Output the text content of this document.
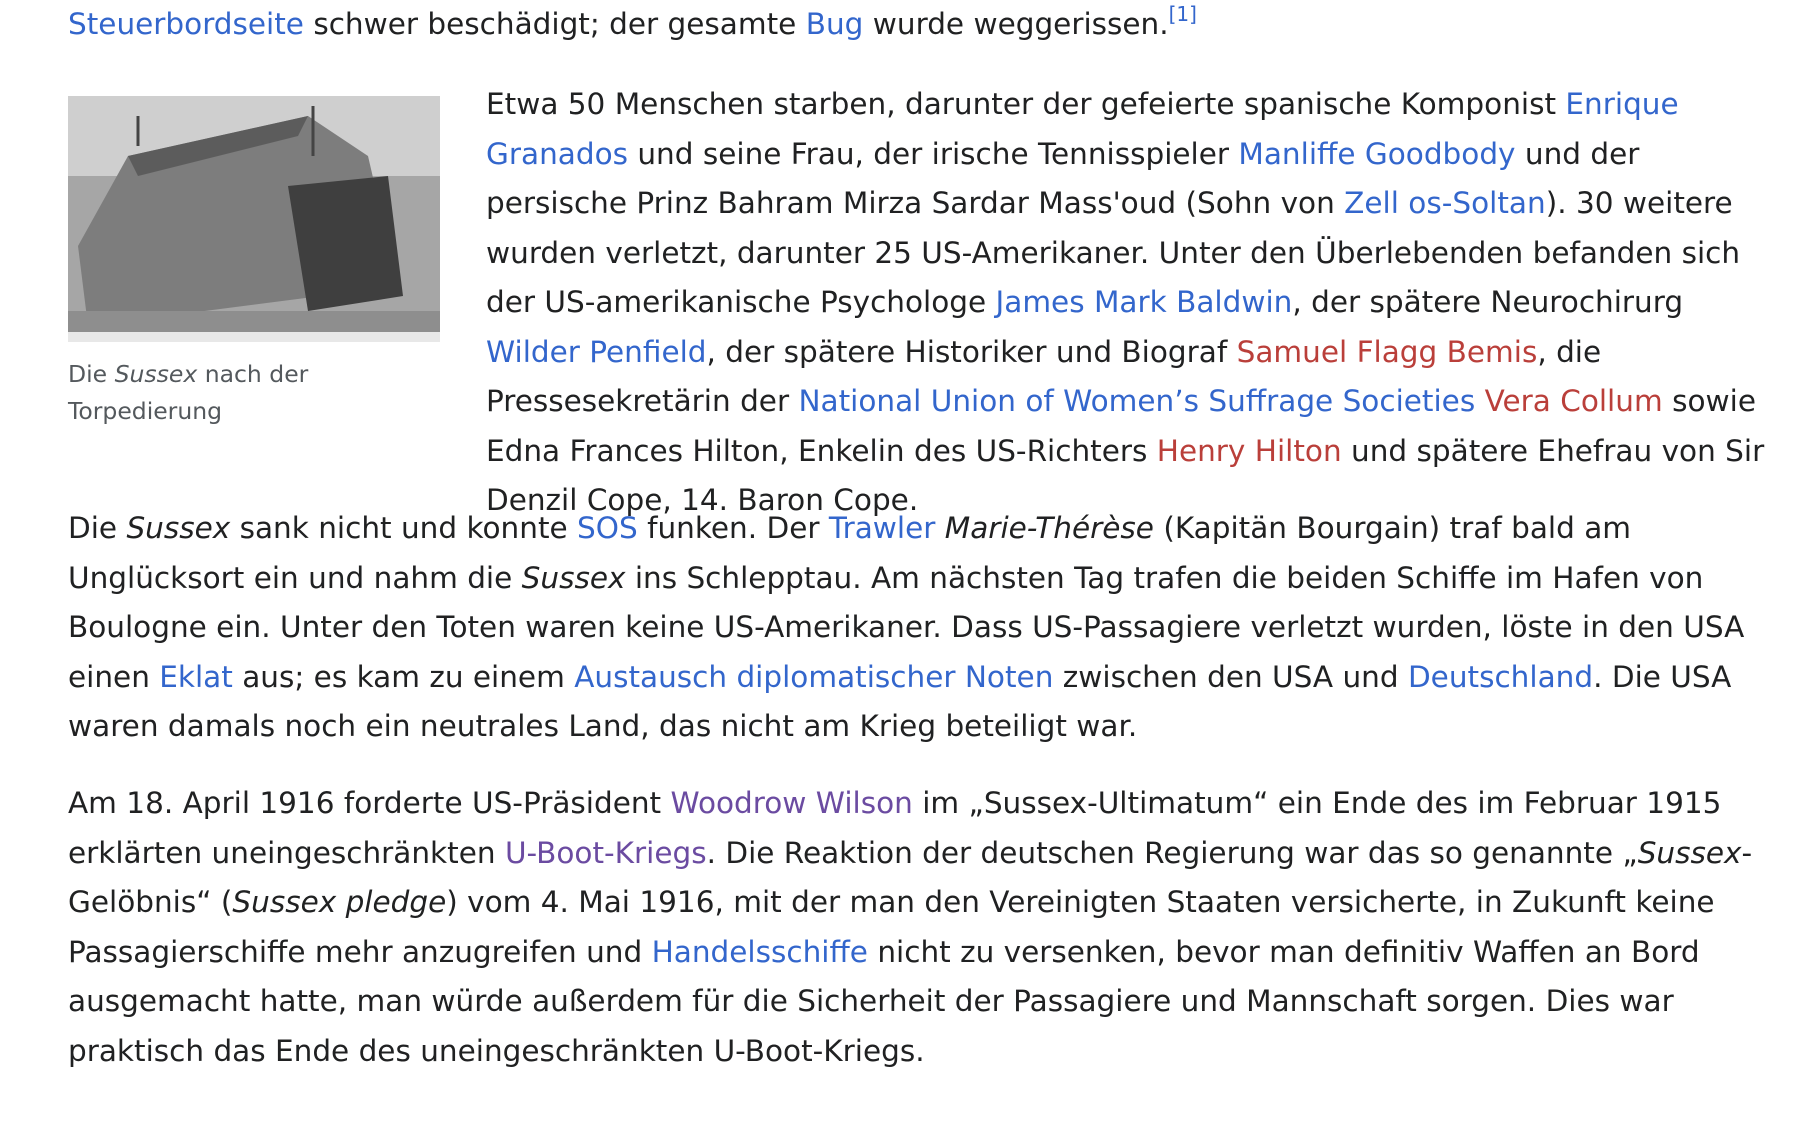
Steuerbordseite schwer beschädigt; der gesamte Bug wurde weggerissen.[1]

Die Sussex nach der Torpedierung

Etwa 50 Menschen starben, darunter der gefeierte spanische Komponist Enrique Granados und seine Frau, der irische Tennisspieler Manliffe Goodbody und der persische Prinz Bahram Mirza Sardar Mass'oud (Sohn von Zell os-Soltan). 30 weitere wurden verletzt, darunter 25 US-Amerikaner. Unter den Überlebenden befanden sich der US-amerikanische Psychologe James Mark Baldwin, der spätere Neurochirurg Wilder Penfield, der spätere Historiker und Biograf Samuel Flagg Bemis, die Pressesekretärin der National Union of Women’s Suffrage Societies Vera Collum sowie Edna Frances Hilton, Enkelin des US-Richters Henry Hilton und spätere Ehefrau von Sir Denzil Cope, 14. Baron Cope.

Die Sussex sank nicht und konnte SOS funken. Der Trawler Marie-Thérèse (Kapitän Bourgain) traf bald am Unglücksort ein und nahm die Sussex ins Schlepptau. Am nächsten Tag trafen die beiden Schiffe im Hafen von Boulogne ein. Unter den Toten waren keine US-Amerikaner. Dass US-Passagiere verletzt wurden, löste in den USA einen Eklat aus; es kam zu einem Austausch diplomatischer Noten zwischen den USA und Deutschland. Die USA waren damals noch ein neutrales Land, das nicht am Krieg beteiligt war.

Am 18. April 1916 forderte US-Präsident Woodrow Wilson im „Sussex-Ultimatum“ ein Ende des im Februar 1915 erklärten uneingeschränkten U-Boot-Kriegs. Die Reaktion der deutschen Regierung war das so genannte „Sussex-Gelöbnis“ (Sussex pledge) vom 4. Mai 1916, mit der man den Vereinigten Staaten versicherte, in Zukunft keine Passagierschiffe mehr anzugreifen und Handelsschiffe nicht zu versenken, bevor man definitiv Waffen an Bord ausgemacht hatte, man würde außerdem für die Sicherheit der Passagiere und Mannschaft sorgen. Dies war praktisch das Ende des uneingeschränkten U-Boot-Kriegs.
